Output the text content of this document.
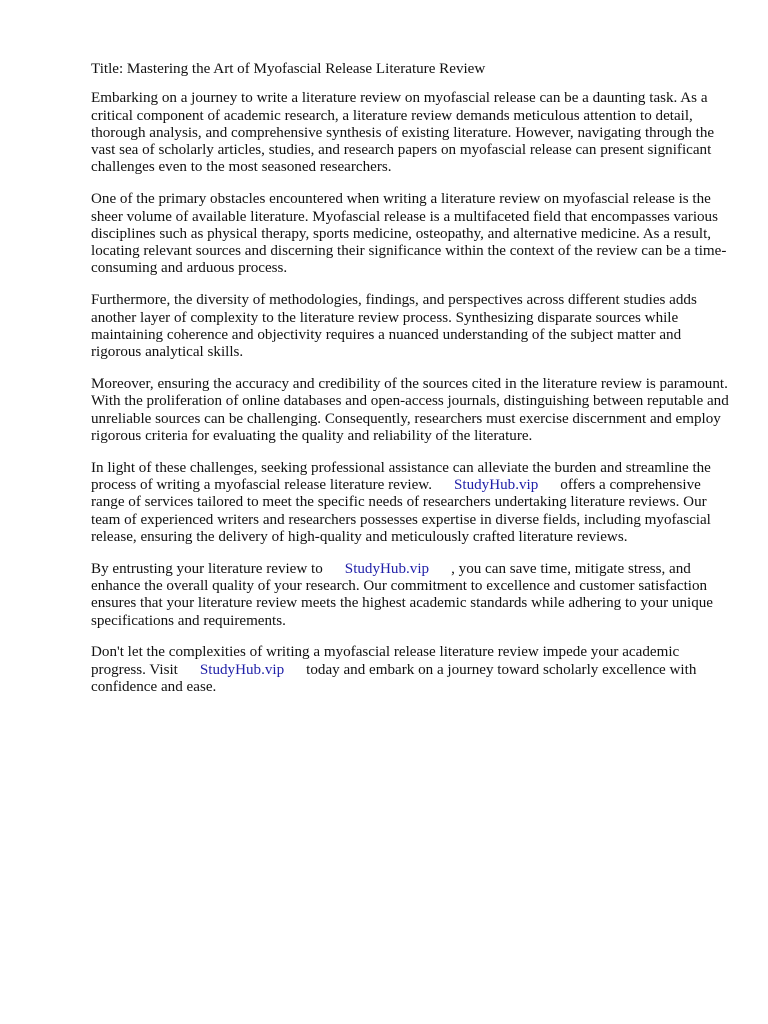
Title: Mastering the Art of Myofascial Release Literature Review

Embarking on a journey to write a literature review on myofascial release can be a daunting task. As a critical component of academic research, a literature review demands meticulous attention to detail, thorough analysis, and comprehensive synthesis of existing literature. However, navigating through the vast sea of scholarly articles, studies, and research papers on myofascial release can present significant challenges even to the most seasoned researchers.

One of the primary obstacles encountered when writing a literature review on myofascial release is the sheer volume of available literature. Myofascial release is a multifaceted field that encompasses various disciplines such as physical therapy, sports medicine, osteopathy, and alternative medicine. As a result, locating relevant sources and discerning their significance within the context of the review can be a time-consuming and arduous process.

Furthermore, the diversity of methodologies, findings, and perspectives across different studies adds another layer of complexity to the literature review process. Synthesizing disparate sources while maintaining coherence and objectivity requires a nuanced understanding of the subject matter and rigorous analytical skills.

Moreover, ensuring the accuracy and credibility of the sources cited in the literature review is paramount. With the proliferation of online databases and open-access journals, distinguishing between reputable and unreliable sources can be challenging. Consequently, researchers must exercise discernment and employ rigorous criteria for evaluating the quality and reliability of the literature.

In light of these challenges, seeking professional assistance can alleviate the burden and streamline the process of writing a myofascial release literature review. StudyHub.vip offers a comprehensive range of services tailored to meet the specific needs of researchers undertaking literature reviews. Our team of experienced writers and researchers possesses expertise in diverse fields, including myofascial release, ensuring the delivery of high-quality and meticulously crafted literature reviews.

By entrusting your literature review to StudyHub.vip , you can save time, mitigate stress, and enhance the overall quality of your research. Our commitment to excellence and customer satisfaction ensures that your literature review meets the highest academic standards while adhering to your unique specifications and requirements.

Don't let the complexities of writing a myofascial release literature review impede your academic progress. Visit StudyHub.vip today and embark on a journey toward scholarly excellence with confidence and ease.
